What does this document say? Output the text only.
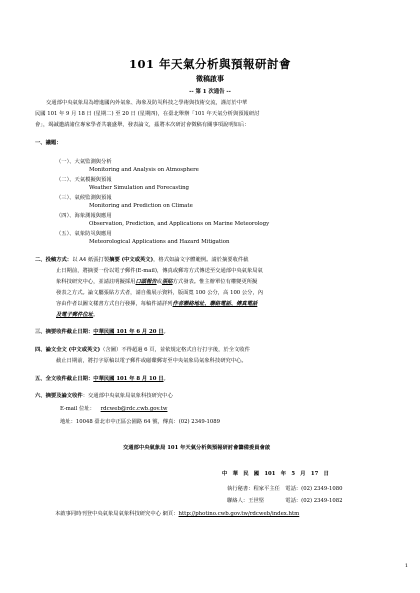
101 年天氣分析與預報研討會
徵稿啟事
-- 第 1 次通告 --
交通部中央氣象局為增進國內外氣象、海象及防災科技之學術與技術交流，謹訂於中華
民國 101 年 9 月 18 日 (星期二) 至 20 日 (星期四)，在臺北舉辦「101 年天氣分析與預報研討
會」，竭誠邀請諸位專家學者共襄盛舉，發表論文，茲將本次研討會徵稿有關事項說明如后：
一、議題：
（一）、大氣監測與分析
Monitoring and Analysis on Atmosphere
（二）、天氣模擬與預報
Weather Simulation and Forecasting
（三）、氣候監測與預報
Monitoring and Prediction on Climate
（四）、海象測報與應用
Observation, Prediction, and Applications on Marine Meteorology
（五）、氣象防災與應用
Meteorological Applications and Hazard Mitigation
二、投稿方式：以 A4 紙張打製摘要 (中文或英文)，格式如論文字體範例。請於摘要收件截
止日期前，將摘要一份以電子郵件(E-mail)，傳真或郵寄方式傳送至交通部中央氣象局氣
象科技研究中心，並請註明擬採用口頭報告或張貼方式發表。惟主辦單位有權變更所擬
發表之方式。論文屬張貼方式者，請自備展示資料，版面寬 100 公分，高 100 公分，內
容由作者以圖文樣書方式自行發揮，每稿件請詳列作者聯絡地址、聯絡電話、傳真電話
及電子郵件位址。
三、摘要收件截止日期：中華民國 101 年 6 月 20 日。
四、論文全文 (中文或英文)（含圖）不得超過 6 頁，並依規定格式自行打字後，於全文收件
截止日期前，將打字原稿以電子郵件或磁碟郵寄至中央氣象局氣象科技研究中心。
五、全文收件截止日期：中華民國 101 年 8 月 10 日。
六、摘要及論文收件：交通部中央氣象局氣象科技研究中心
E-mail 位址： rdcweb@rdc.cwb.gov.tw
地址：10048 臺北市中正區公園路 64 號，傳真：(02) 2349-1089
交通部中央氣象局 101 年天氣分析與預報研討會籌備委員會啟
中　華　民　國　101　年　5　月　17　日
執行秘書：程家平主任　電話：(02) 2349-1080
聯絡人：王世堅　　　　電話：(02) 2349-1082
本啟事同時刊登中央氣象局氣象科技研究中心 網頁：http://photino.cwb.gov.tw/rdcweb/index.htm
1
